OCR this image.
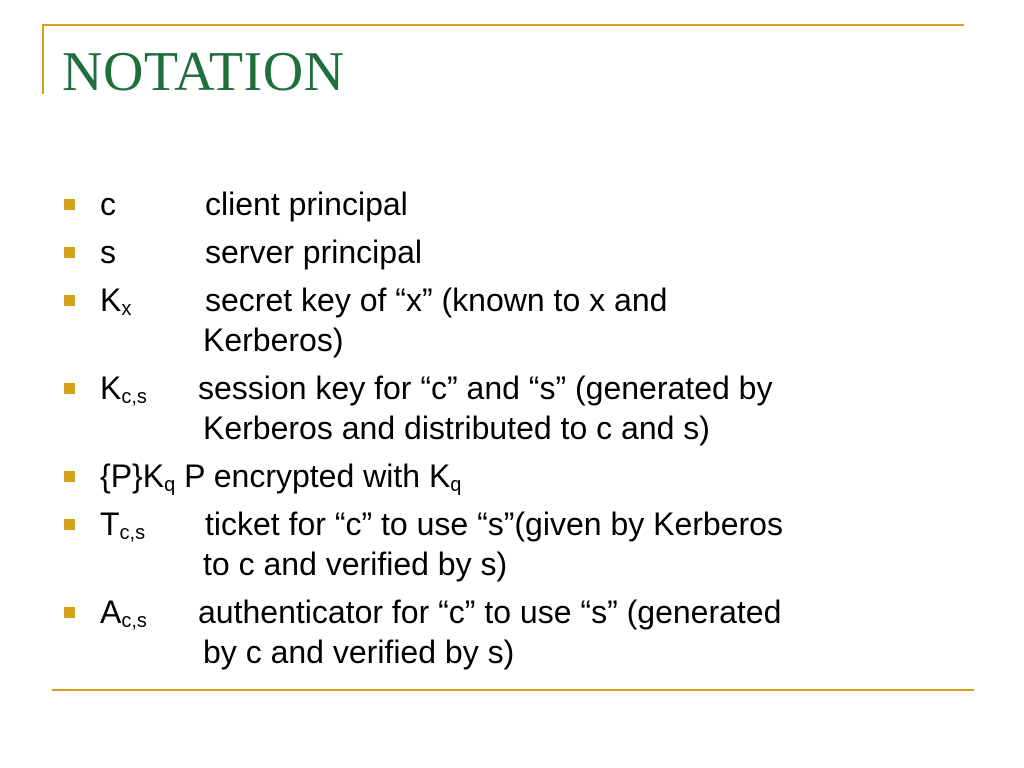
NOTATION
c	client principal
s	server principal
$K_x$ secret key of “x” (known to x and
Kerberos)
$K_{c,s}$ session key for “c” and “s” (generated by
Kerberos and distributed to c and s)
$\{P\}K_q$ P encrypted with $K_q$
$T_{c,s}$ ticket for “c” to use “s”(given by Kerberos
to c and verified by s)
$A_{c,s}$ authenticator for “c” to use “s” (generated
by c and verified by s)
